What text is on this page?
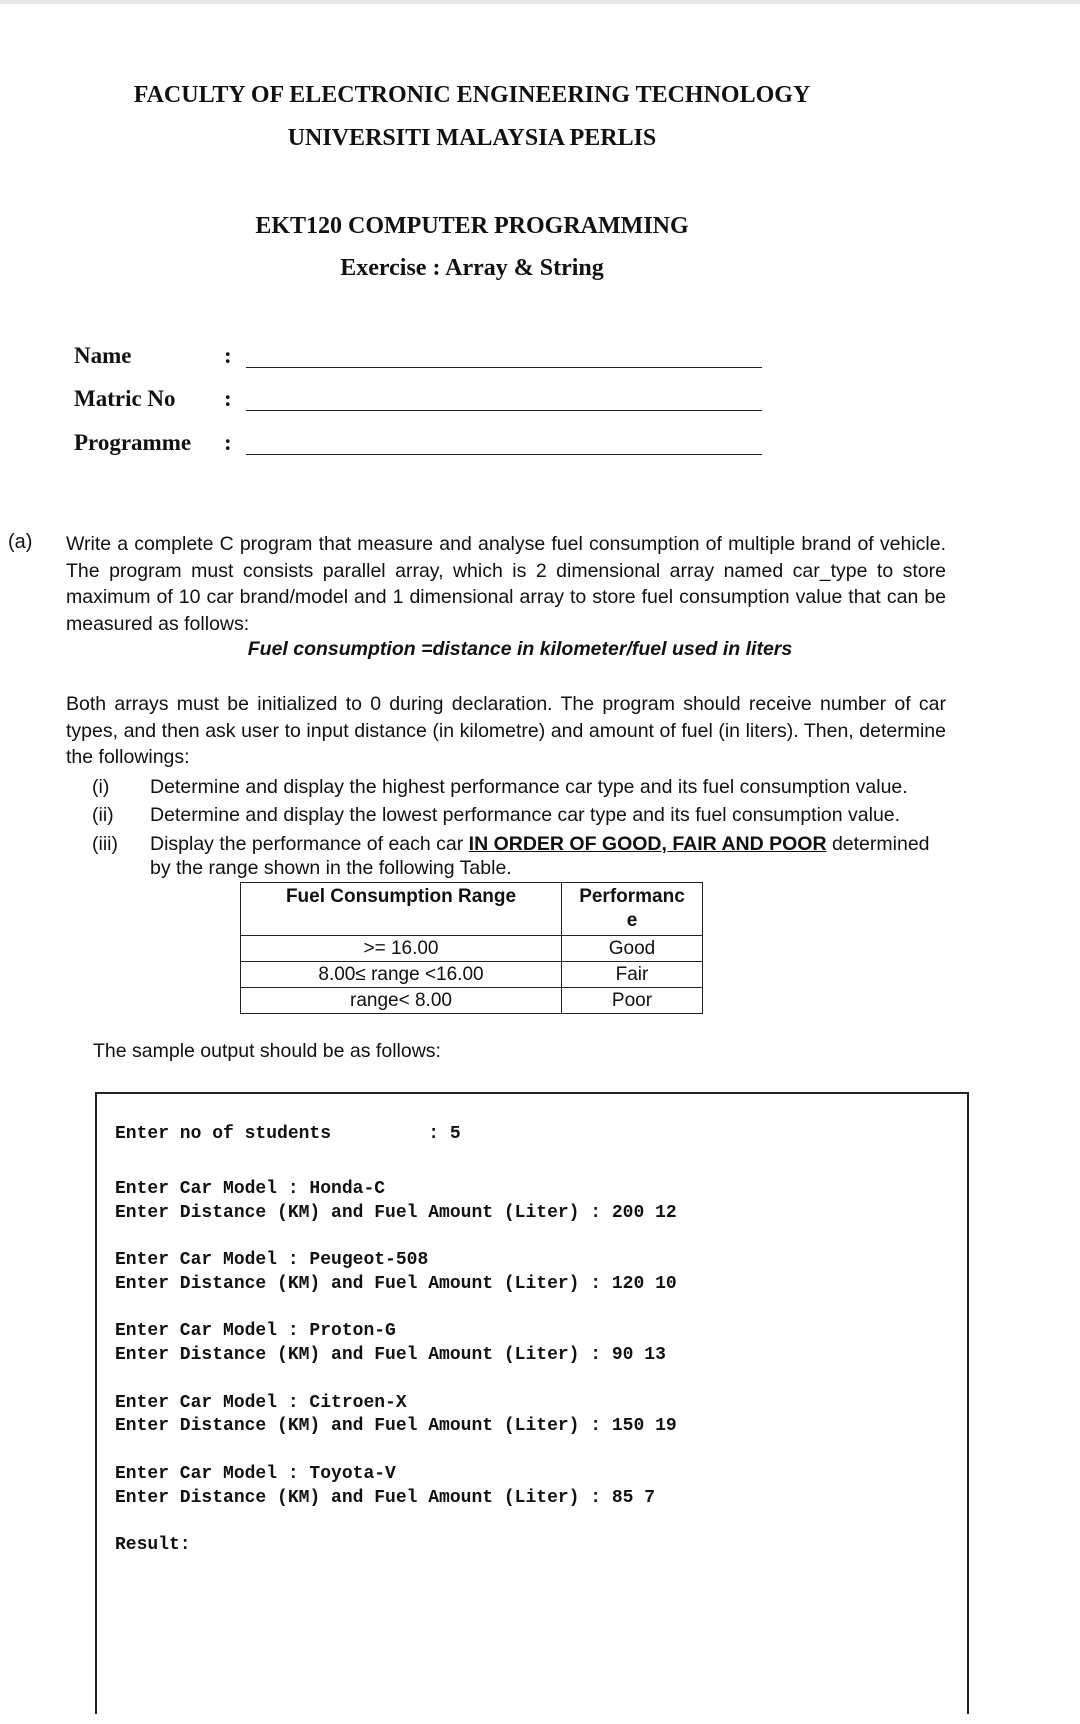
FACULTY OF ELECTRONIC ENGINEERING TECHNOLOGY
UNIVERSITI MALAYSIA PERLIS
EKT120 COMPUTER PROGRAMMING
Exercise : Array & String
Name	:
Matric No :
Programme :
(a) Write a complete C program that measure and analyse fuel consumption of multiple brand of vehicle. The program must consists parallel array, which is 2 dimensional array named car_type to store maximum of 10 car brand/model and 1 dimensional array to store fuel consumption value that can be measured as follows:
Fuel consumption =distance in kilometer/fuel used in liters
Both arrays must be initialized to 0 during declaration. The program should receive number of car types, and then ask user to input distance (in kilometre) and amount of fuel (in liters). Then, determine the followings:
(i) Determine and display the highest performance car type and its fuel consumption value.
(ii) Determine and display the lowest performance car type and its fuel consumption value.
(iii) Display the performance of each car IN ORDER OF GOOD, FAIR AND POOR determined by the range shown in the following Table.
Fuel Consumption Range	Performanc
e
>= 16.00	Good
8.00≤ range <16.00	Fair
range< 8.00	Poor
The sample output should be as follows:
Enter no of students         : 5
Enter Car Model : Honda-C
Enter Distance (KM) and Fuel Amount (Liter) : 200 12
Enter Car Model : Peugeot-508
Enter Distance (KM) and Fuel Amount (Liter) : 120 10
Enter Car Model : Proton-G
Enter Distance (KM) and Fuel Amount (Liter) : 90 13
Enter Car Model : Citroen-X
Enter Distance (KM) and Fuel Amount (Liter) : 150 19
Enter Car Model : Toyota-V
Enter Distance (KM) and Fuel Amount (Liter) : 85 7
Result:
